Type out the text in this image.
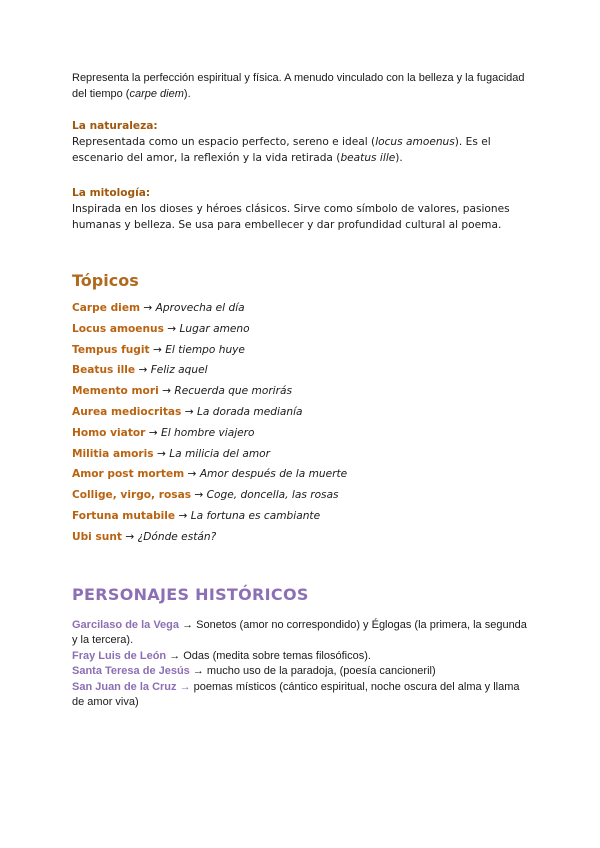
Representa la perfección espiritual y física. A menudo vinculado con la belleza y la fugacidad del tiempo (carpe diem).

La naturaleza:

Representada como un espacio perfecto, sereno e ideal (locus amoenus). Es el escenario del amor, la reflexión y la vida retirada (beatus ille).

La mitología:

Inspirada en los dioses y héroes clásicos. Sirve como símbolo de valores, pasiones humanas y belleza. Se usa para embellecer y dar profundidad cultural al poema.

Tópicos
Carpe diem → Aprovecha el día
Locus amoenus → Lugar ameno
Tempus fugit → El tiempo huye
Beatus ille → Feliz aquel
Memento mori → Recuerda que morirás
Aurea mediocritas → La dorada medianía
Homo viator → El hombre viajero
Militia amoris → La milicia del amor
Amor post mortem → Amor después de la muerte
Collige, virgo, rosas → Coge, doncella, las rosas
Fortuna mutabile → La fortuna es cambiante
Ubi sunt → ¿Dónde están?
PERSONAJES HISTÓRICOS
Garcilaso de la Vega → Sonetos (amor no correspondido) y Églogas (la primera, la segunda y la tercera).
Fray Luis de León → Odas (medita sobre temas filosóficos).
Santa Teresa de Jesús → mucho uso de la paradoja, (poesía cancioneril)
San Juan de la Cruz → poemas místicos (cántico espiritual, noche oscura del alma y llama de amor viva)
